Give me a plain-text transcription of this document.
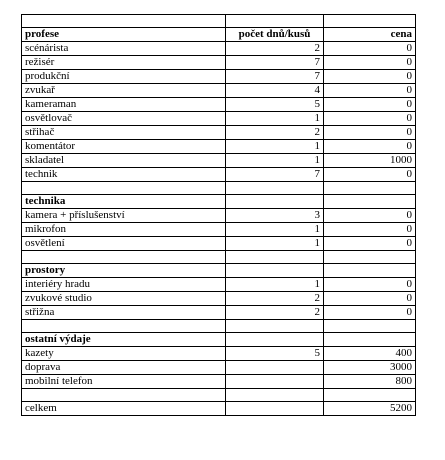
profese	počet dnů/kusů	cena
scénárista	2	0
režisér	7	0
produkční	7	0
zvukař	4	0
kameraman	5	0
osvětlovač	1	0
střihač	2	0
komentátor	1	0
skladatel	1	1000
technik	7	0

technika		
kamera + příslušenství	3	0
mikrofon	1	0
osvětlení	1	0

prostory		
interiéry hradu	1	0
zvukové studio	2	0
střižna	2	0

ostatní výdaje		
kazety	5	400
doprava		3000
mobilní telefon		800

celkem		5200
